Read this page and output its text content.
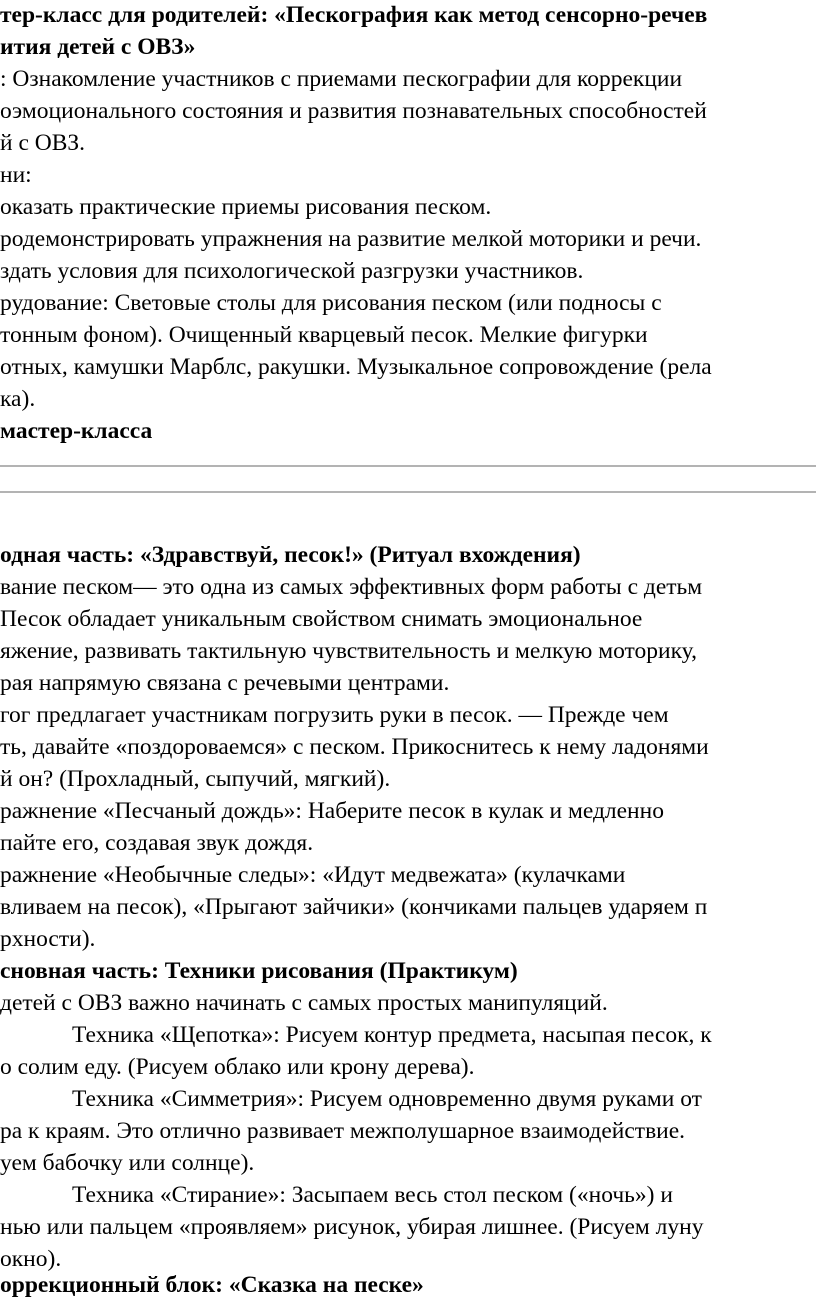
тер-класс для родителей: «Пескография как метод сенсорно-речев
ития детей с ОВЗ»
: Ознакомление участников с приемами пескографии для коррекции
оэмоционального состояния и развития познавательных способностей
й с ОВЗ.
ни:
оказать практические приемы рисования песком.
родемонстрировать упражнения на развитие мелкой моторики и речи.
здать условия для психологической разгрузки участников.
рудование: Световые столы для рисования песком (или подносы с
тонным фоном). Очищенный кварцевый песок. Мелкие фигурки
отных, камушки Марблс, ракушки. Музыкальное сопровождение (рела
ка).
мастер-класса
одная часть: «Здравствуй, песок!» (Ритуал вхождения)
вание песком— это одна из самых эффективных форм работы с детьм
Песок обладает уникальным свойством снимать эмоциональное
яжение, развивать тактильную чувствительность и мелкую моторику,
рая напрямую связана с речевыми центрами.
гог предлагает участникам погрузить руки в песок. — Прежде чем
ть, давайте «поздороваемся» с песком. Прикоснитесь к нему ладонями
й он? (Прохладный, сыпучий, мягкий).
ражнение «Песчаный дождь»: Наберите песок в кулак и медленно
пайте его, создавая звук дождя.
ражнение «Необычные следы»: «Идут медвежата» (кулачками
вливаем на песок), «Прыгают зайчики» (кончиками пальцев ударяем п
рхности).
сновная часть: Техники рисования (Практикум)
детей с ОВЗ важно начинать с самых простых манипуляций.
Техника «Щепотка»: Рисуем контур предмета, насыпая песок, к
о солим еду. (Рисуем облако или крону дерева).
Техника «Симметрия»: Рисуем одновременно двумя руками от
ра к краям. Это отлично развивает межполушарное взаимодействие.
уем бабочку или солнце).
Техника «Стирание»: Засыпаем весь стол песком («ночь») и
нью или пальцем «проявляем» рисунок, убирая лишнее. (Рисуем луну
окно).
оррекционный блок: «Сказка на песке»
